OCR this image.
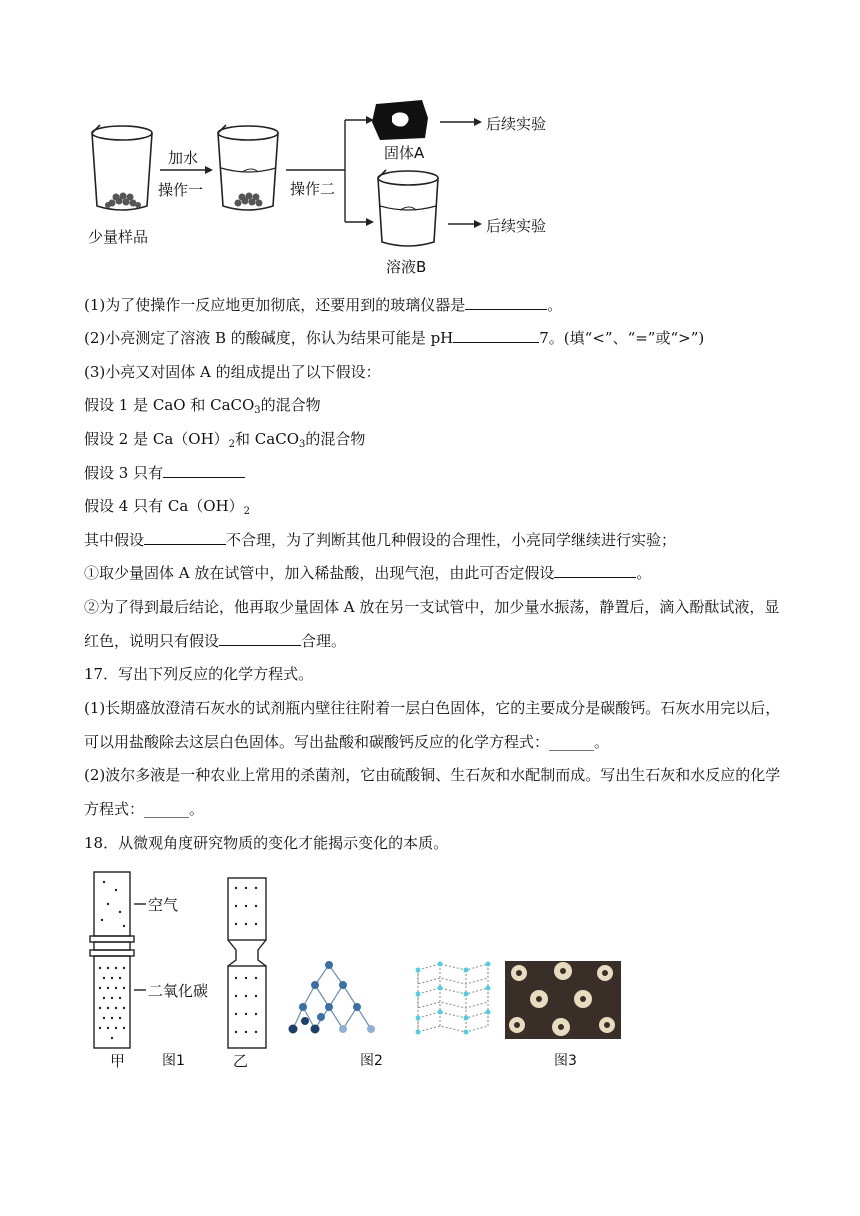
少量样品
加水
操作一	操作二
固体A
溶液B
后续实验
后续实验
(1)为了使操作一反应地更加彻底，还要用到的玻璃仪器是	。
(2)小亮测定了溶液 B 的酸碱度，你认为结果可能是 pH	7。(填“<”、“=”或“>”)
(3)小亮又对固体 A 的组成提出了以下假设：
假设 1 是 CaO 和 CaCO$_3$的混合物
假设 2 是 $Ca(OH)_2$和 CaCO$_3$的混合物
假设 3 只有
假设 4 只有 $Ca(OH)_2$
其中假设	不合理，为了判断其他几种假设的合理性，小亮同学继续进行实验；
①取少量固体 A 放在试管中，加入稀盐酸，出现气泡，由此可否定假设	。
②为了得到最后结论，他再取少量固体 A 放在另一支试管中，加少量水振荡，静置后，滴入酚酞试液，显
红色，说明只有假设	合理。
17．写出下列反应的化学方程式。
(1)长期盛放澄清石灰水的试剂瓶内壁往往附着一层白色固体，它的主要成分是碳酸钙。石灰水用完以后，
可以用盐酸除去这层白色固体。写出盐酸和碳酸钙反应的化学方程式：______。
(2)波尔多液是一种农业上常用的杀菌剂，它由硫酸铜、生石灰和水配制而成。写出生石灰和水反应的化学
方程式：______。
18．从微观角度研究物质的变化才能揭示变化的本质。
空气
二氧化碳
甲	乙
图1	图2	图3
